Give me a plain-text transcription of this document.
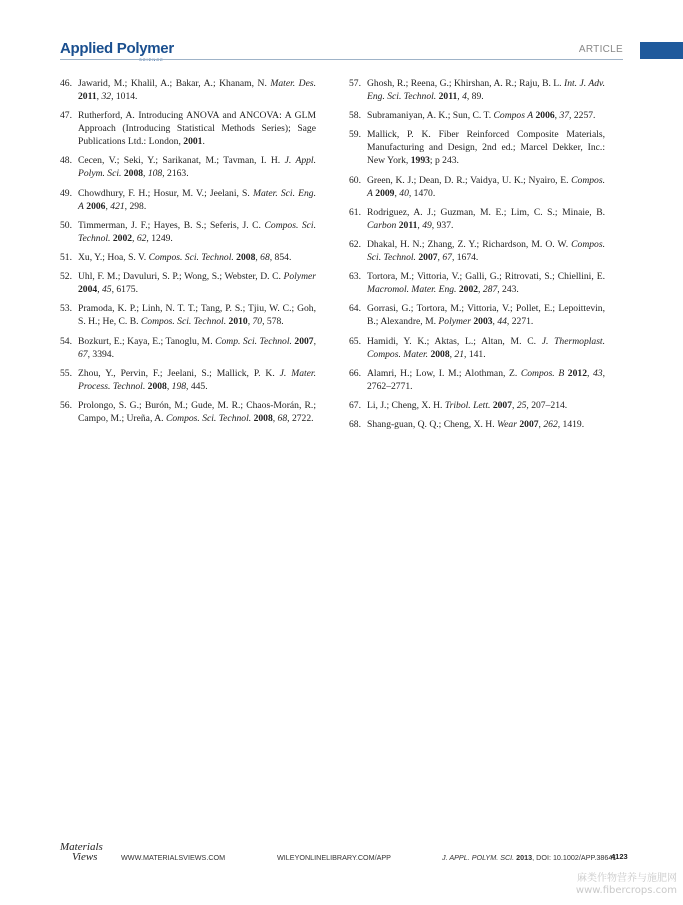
Applied Polymer	ARTICLE
46. Jawarid, M.; Khalil, A.; Bakar, A.; Khanam, N. Mater. Des. 2011, 32, 1014.
47. Rutherford, A. Introducing ANOVA and ANCOVA: A GLM Approach (Introducing Statistical Methods Series); Sage Publications Ltd.: London, 2001.
48. Cecen, V.; Seki, Y.; Sarikanat, M.; Tavman, I. H. J. Appl. Polym. Sci. 2008, 108, 2163.
49. Chowdhury, F. H.; Hosur, M. V.; Jeelani, S. Mater. Sci. Eng. A 2006, 421, 298.
50. Timmerman, J. F.; Hayes, B. S.; Seferis, J. C. Compos. Sci. Technol. 2002, 62, 1249.
51. Xu, Y.; Hoa, S. V. Compos. Sci. Technol. 2008, 68, 854.
52. Uhl, F. M.; Davuluri, S. P.; Wong, S.; Webster, D. C. Polymer 2004, 45, 6175.
53. Pramoda, K. P.; Linh, N. T. T.; Tang, P. S.; Tjiu, W. C.; Goh, S. H.; He, C. B. Compos. Sci. Technol. 2010, 70, 578.
54. Bozkurt, E.; Kaya, E.; Tanoglu, M. Comp. Sci. Technol. 2007, 67, 3394.
55. Zhou, Y., Pervin, F.; Jeelani, S.; Mallick, P. K. J. Mater. Process. Technol. 2008, 198, 445.
56. Prolongo, S. G.; Burón, M.; Gude, M. R.; Chaos-Morán, R.; Campo, M.; Ureña, A. Compos. Sci. Technol. 2008, 68, 2722.
57. Ghosh, R.; Reena, G.; Khirshan, A. R.; Raju, B. L. Int. J. Adv. Eng. Sci. Technol. 2011, 4, 89.
58. Subramaniyan, A. K.; Sun, C. T. Compos A 2006, 37, 2257.
59. Mallick, P. K. Fiber Reinforced Composite Materials, Manufacturing and Design, 2nd ed.; Marcel Dekker, Inc.: New York, 1993; p 243.
60. Green, K. J.; Dean, D. R.; Vaidya, U. K.; Nyairo, E. Compos. A 2009, 40, 1470.
61. Rodriguez, A. J.; Guzman, M. E.; Lim, C. S.; Minaie, B. Carbon 2011, 49, 937.
62. Dhakal, H. N.; Zhang, Z. Y.; Richardson, M. O. W. Compos. Sci. Technol. 2007, 67, 1674.
63. Tortora, M.; Vittoria, V.; Galli, G.; Ritrovati, S.; Chiellini, E. Macromol. Mater. Eng. 2002, 287, 243.
64. Gorrasi, G.; Tortora, M.; Vittoria, V.; Pollet, E.; Lepoittevin, B.; Alexandre, M. Polymer 2003, 44, 2271.
65. Hamidi, Y. K.; Aktas, L.; Altan, M. C. J. Thermoplast. Compos. Mater. 2008, 21, 141.
66. Alamri, H.; Low, I. M.; Alothman, Z. Compos. B 2012, 43, 2762–2771.
67. Li, J.; Cheng, X. H. Tribol. Lett. 2007, 25, 207–214.
68. Shang-guan, Q. Q.; Cheng, X. H. Wear 2007, 262, 1419.
Materials
Views	WWW.MATERIALSVIEWS.COM	WILEYONLINELIBRARY.COM/APP	J. APPL. POLYM. SCI. 2013, DOI: 10.1002/APP.38641
4123
麻类作物营养与施肥网
www.fibercrops.com
